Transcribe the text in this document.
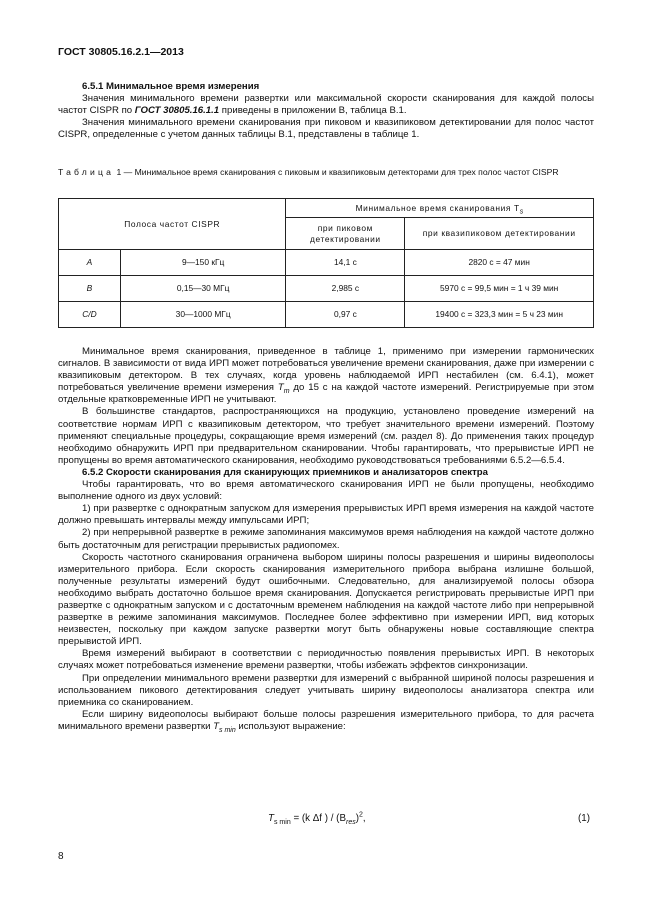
ГОСТ 30805.16.2.1—2013

6.5.1 Минимальное время измерения

Значения минимального времени развертки или максимальной скорости сканирования для каждой полосы частот CISPR по ГОСТ 30805.16.1.1 приведены в приложении В, таблица В.1.

Значения минимального времени сканирования при пиковом и квазипиковом детектировании для полос частот CISPR, определенные с учетом данных таблицы В.1, представлены в таблице 1.

Таблица 1 — Минимальное время сканирования с пиковым и квазипиковым детекторами для трех полос частот CISPR
Полоса частот CISPR		Минимальное время сканирования $T_s$
		при пиковом детектировании	при квазипиковом детектировании
A	9—150 кГц	14,1 с	2820 с = 47 мин
B	0,15—30 МГц	2,985 с	5970 с = 99,5 мин = 1 ч 39 мин
C/D	30—1000 МГц	0,97 с	19400 с = 323,3 мин = 5 ч 23 мин

Минимальное время сканирования, приведенное в таблице 1, применимо при измерении гармонических сигналов. В зависимости от вида ИРП может потребоваться увеличение времени сканирования, даже при измерении с квазипиковым детектором. В тех случаях, когда уровень наблюдаемой ИРП нестабилен (см. 6.4.1), может потребоваться увеличение времени измерения $T_m$ до 15 с на каждой частоте измерений. Регистрируемые при этом отдельные кратковременные ИРП не учитывают.

В большинстве стандартов, распространяющихся на продукцию, установлено проведение измерений на соответствие нормам ИРП с квазипиковым детектором, что требует значительного времени измерений. Поэтому применяют специальные процедуры, сокращающие время измерений (см. раздел 8). До применения таких процедур необходимо обнаружить ИРП при предварительном сканировании. Чтобы гарантировать, что прерывистые ИРП не пропущены во время автоматического сканирования, необходимо руководствоваться требованиями 6.5.2—6.5.4.

6.5.2 Скорости сканирования для сканирующих приемников и анализаторов спектра

Чтобы гарантировать, что во время автоматического сканирования ИРП не были пропущены, необходимо выполнение одного из двух условий:

1) при развертке с однократным запуском для измерения прерывистых ИРП время измерения на каждой частоте должно превышать интервалы между импульсами ИРП;

2) при непрерывной развертке в режиме запоминания максимумов время наблюдения на каждой частоте должно быть достаточным для регистрации прерывистых радиопомех.

Скорость частотного сканирования ограничена выбором ширины полосы разрешения и ширины видеополосы измерительного прибора. Если скорость сканирования измерительного прибора выбрана излишне большой, полученные результаты измерений будут ошибочными. Следовательно, для анализируемой полосы обзора необходимо выбрать достаточно большое время сканирования. Допускается регистрировать прерывистые ИРП при развертке с однократным запуском и с достаточным временем наблюдения на каждой частоте либо при непрерывной развертке в режиме запоминания максимумов. Последнее более эффективно при измерении ИРП, вид которых неизвестен, поскольку при каждом запуске развертки могут быть обнаружены новые составляющие спектра прерывистой ИРП.

Время измерений выбирают в соответствии с периодичностью появления прерывистых ИРП. В некоторых случаях может потребоваться изменение времени развертки, чтобы избежать эффектов синхронизации.

При определении минимального времени развертки для измерений с выбранной шириной полосы разрешения и использованием пикового детектирования следует учитывать ширину видеополосы анализатора спектра или приемника со сканированием.

Если ширину видеополосы выбирают больше полосы разрешения измерительного прибора, то для расчета минимального времени развертки $T_{s min}$ используют выражение:

$T_{s min} = (k$ Δf ) / $(B_{res})^2$,	(1)
8
